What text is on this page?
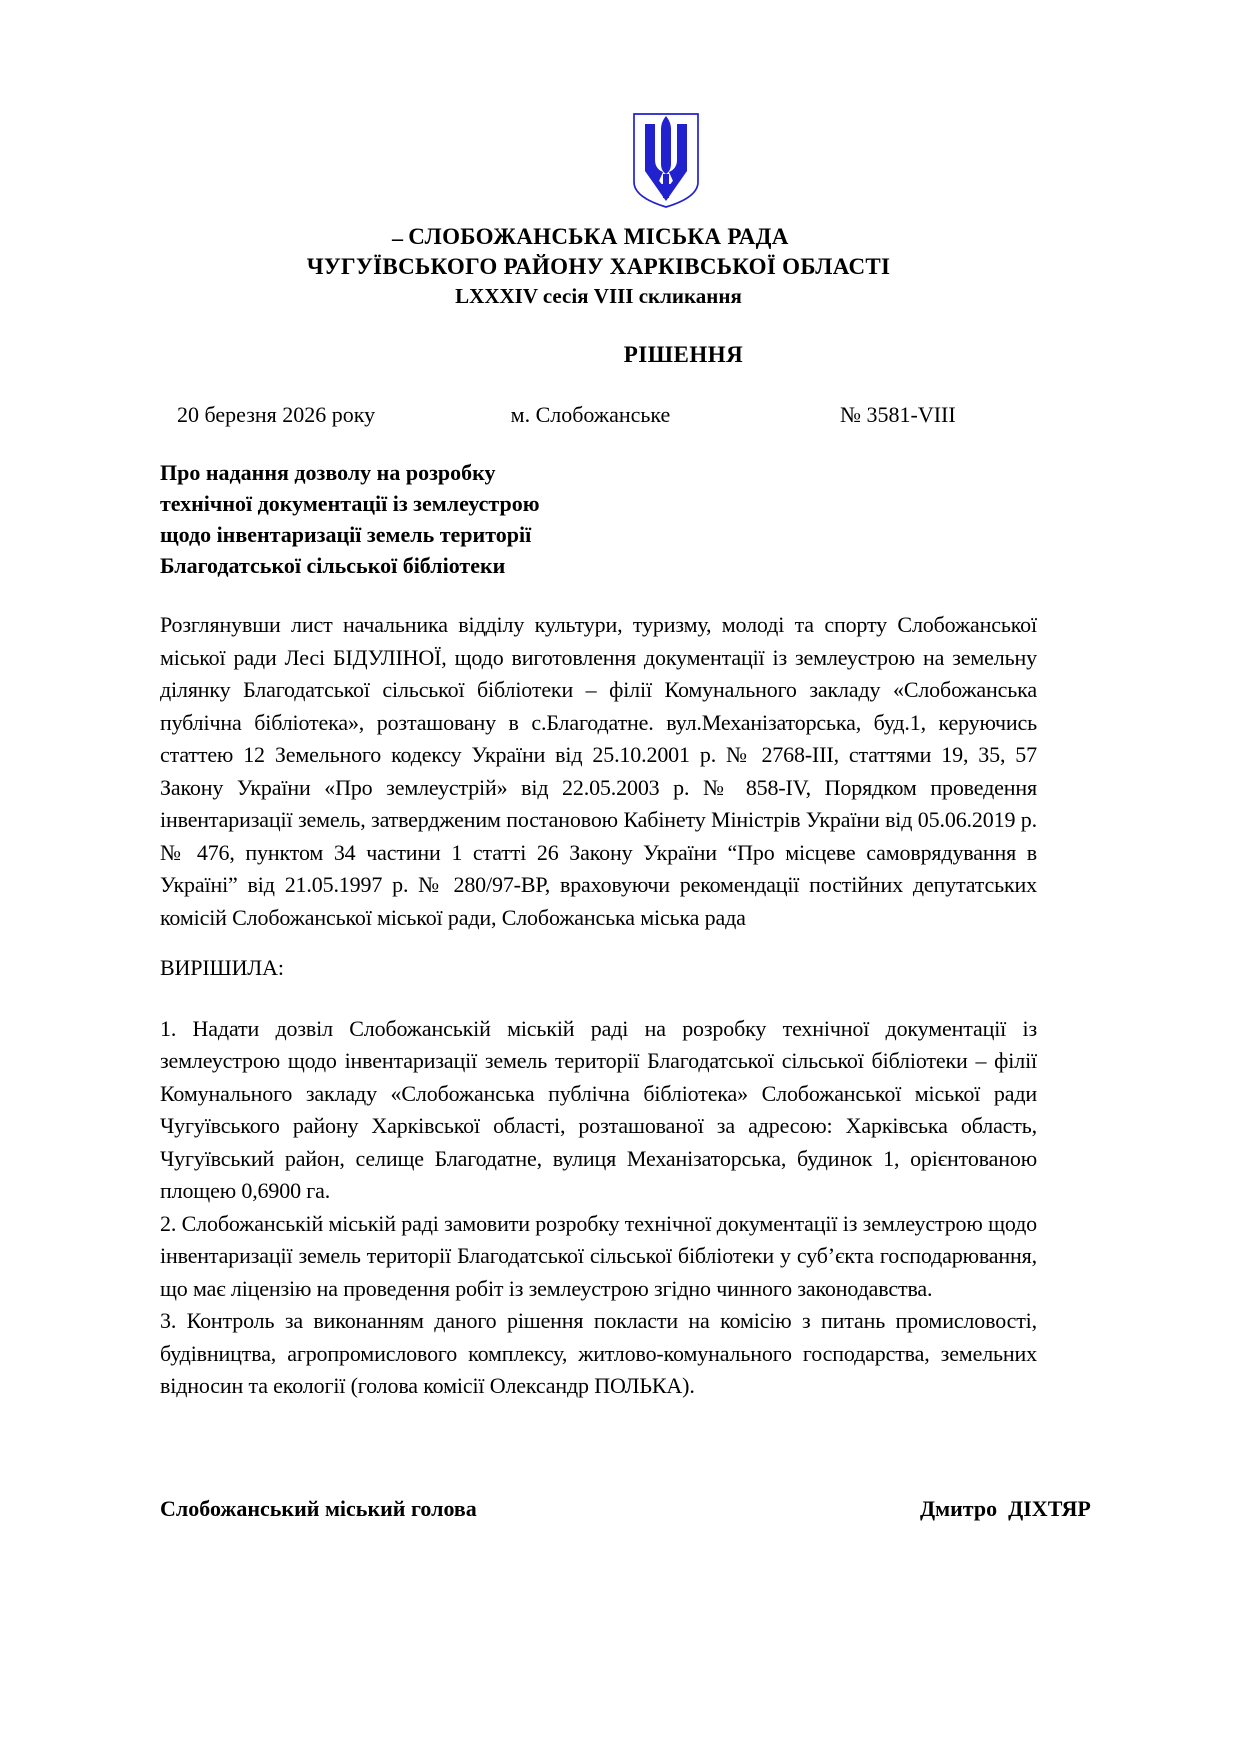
_ СЛОБОЖАНСЬКА МІСЬКА РАДА
ЧУГУЇВСЬКОГО РАЙОНУ ХАРКІВСЬКОЇ ОБЛАСТІ
LXXXIV сесія VIII скликання
РІШЕННЯ
20 березня 2026 року	м. Слобожанське	№ 3581-VIII
Про надання дозволу на розробку
технічної документації із землеустрою
щодо інвентаризації земель території
Благодатської сільської бібліотеки

Розглянувши лист начальника відділу культури, туризму, молоді та спорту Слобожанської міської ради Лесі БІДУЛІНОЇ, щодо виготовлення документації із землеустрою на земельну ділянку Благодатської сільської бібліотеки – філії Комунального закладу «Слобожанська публічна бібліотека», розташовану в с.Благодатне. вул.Механізаторська, буд.1, керуючись статтею 12 Земельного кодексу України від 25.10.2001 р. № 2768-III, статтями 19, 35, 57 Закону України «Про землеустрій» від 22.05.2003 р. № 858-IV, Порядком проведення інвентаризації земель, затвердженим постановою Кабінету Міністрів України від 05.06.2019 р. № 476, пунктом 34 частини 1 статті 26 Закону України “Про місцеве самоврядування в Україні” від 21.05.1997 р. № 280/97-ВР, враховуючи рекомендації постійних депутатських комісій Слобожанської міської ради, Слобожанська міська рада

ВИРІШИЛА:

1. Надати дозвіл Слобожанській міській раді на розробку технічної документації із землеустрою щодо інвентаризації земель території Благодатської сільської бібліотеки – філії Комунального закладу «Слобожанська публічна бібліотека» Слобожанської міської ради Чугуївського району Харківської області, розташованої за адресою: Харківська область, Чугуївський район, селище Благодатне, вулиця Механізаторська, будинок 1, орієнтованою площею 0,6900 га.

2. Слобожанській міській раді замовити розробку технічної документації із землеустрою щодо інвентаризації земель території Благодатської сільської бібліотеки у суб’єкта господарювання, що має ліцензію на проведення робіт із землеустрою згідно чинного законодавства.

3. Контроль за виконанням даного рішення покласти на комісію з питань промисловості, будівництва, агропромислового комплексу, житлово-комунального господарства, земельних відносин та екології (голова комісії Олександр ПОЛЬКА).

Слобожанський міський голова	Дмитро  ДІХТЯР
